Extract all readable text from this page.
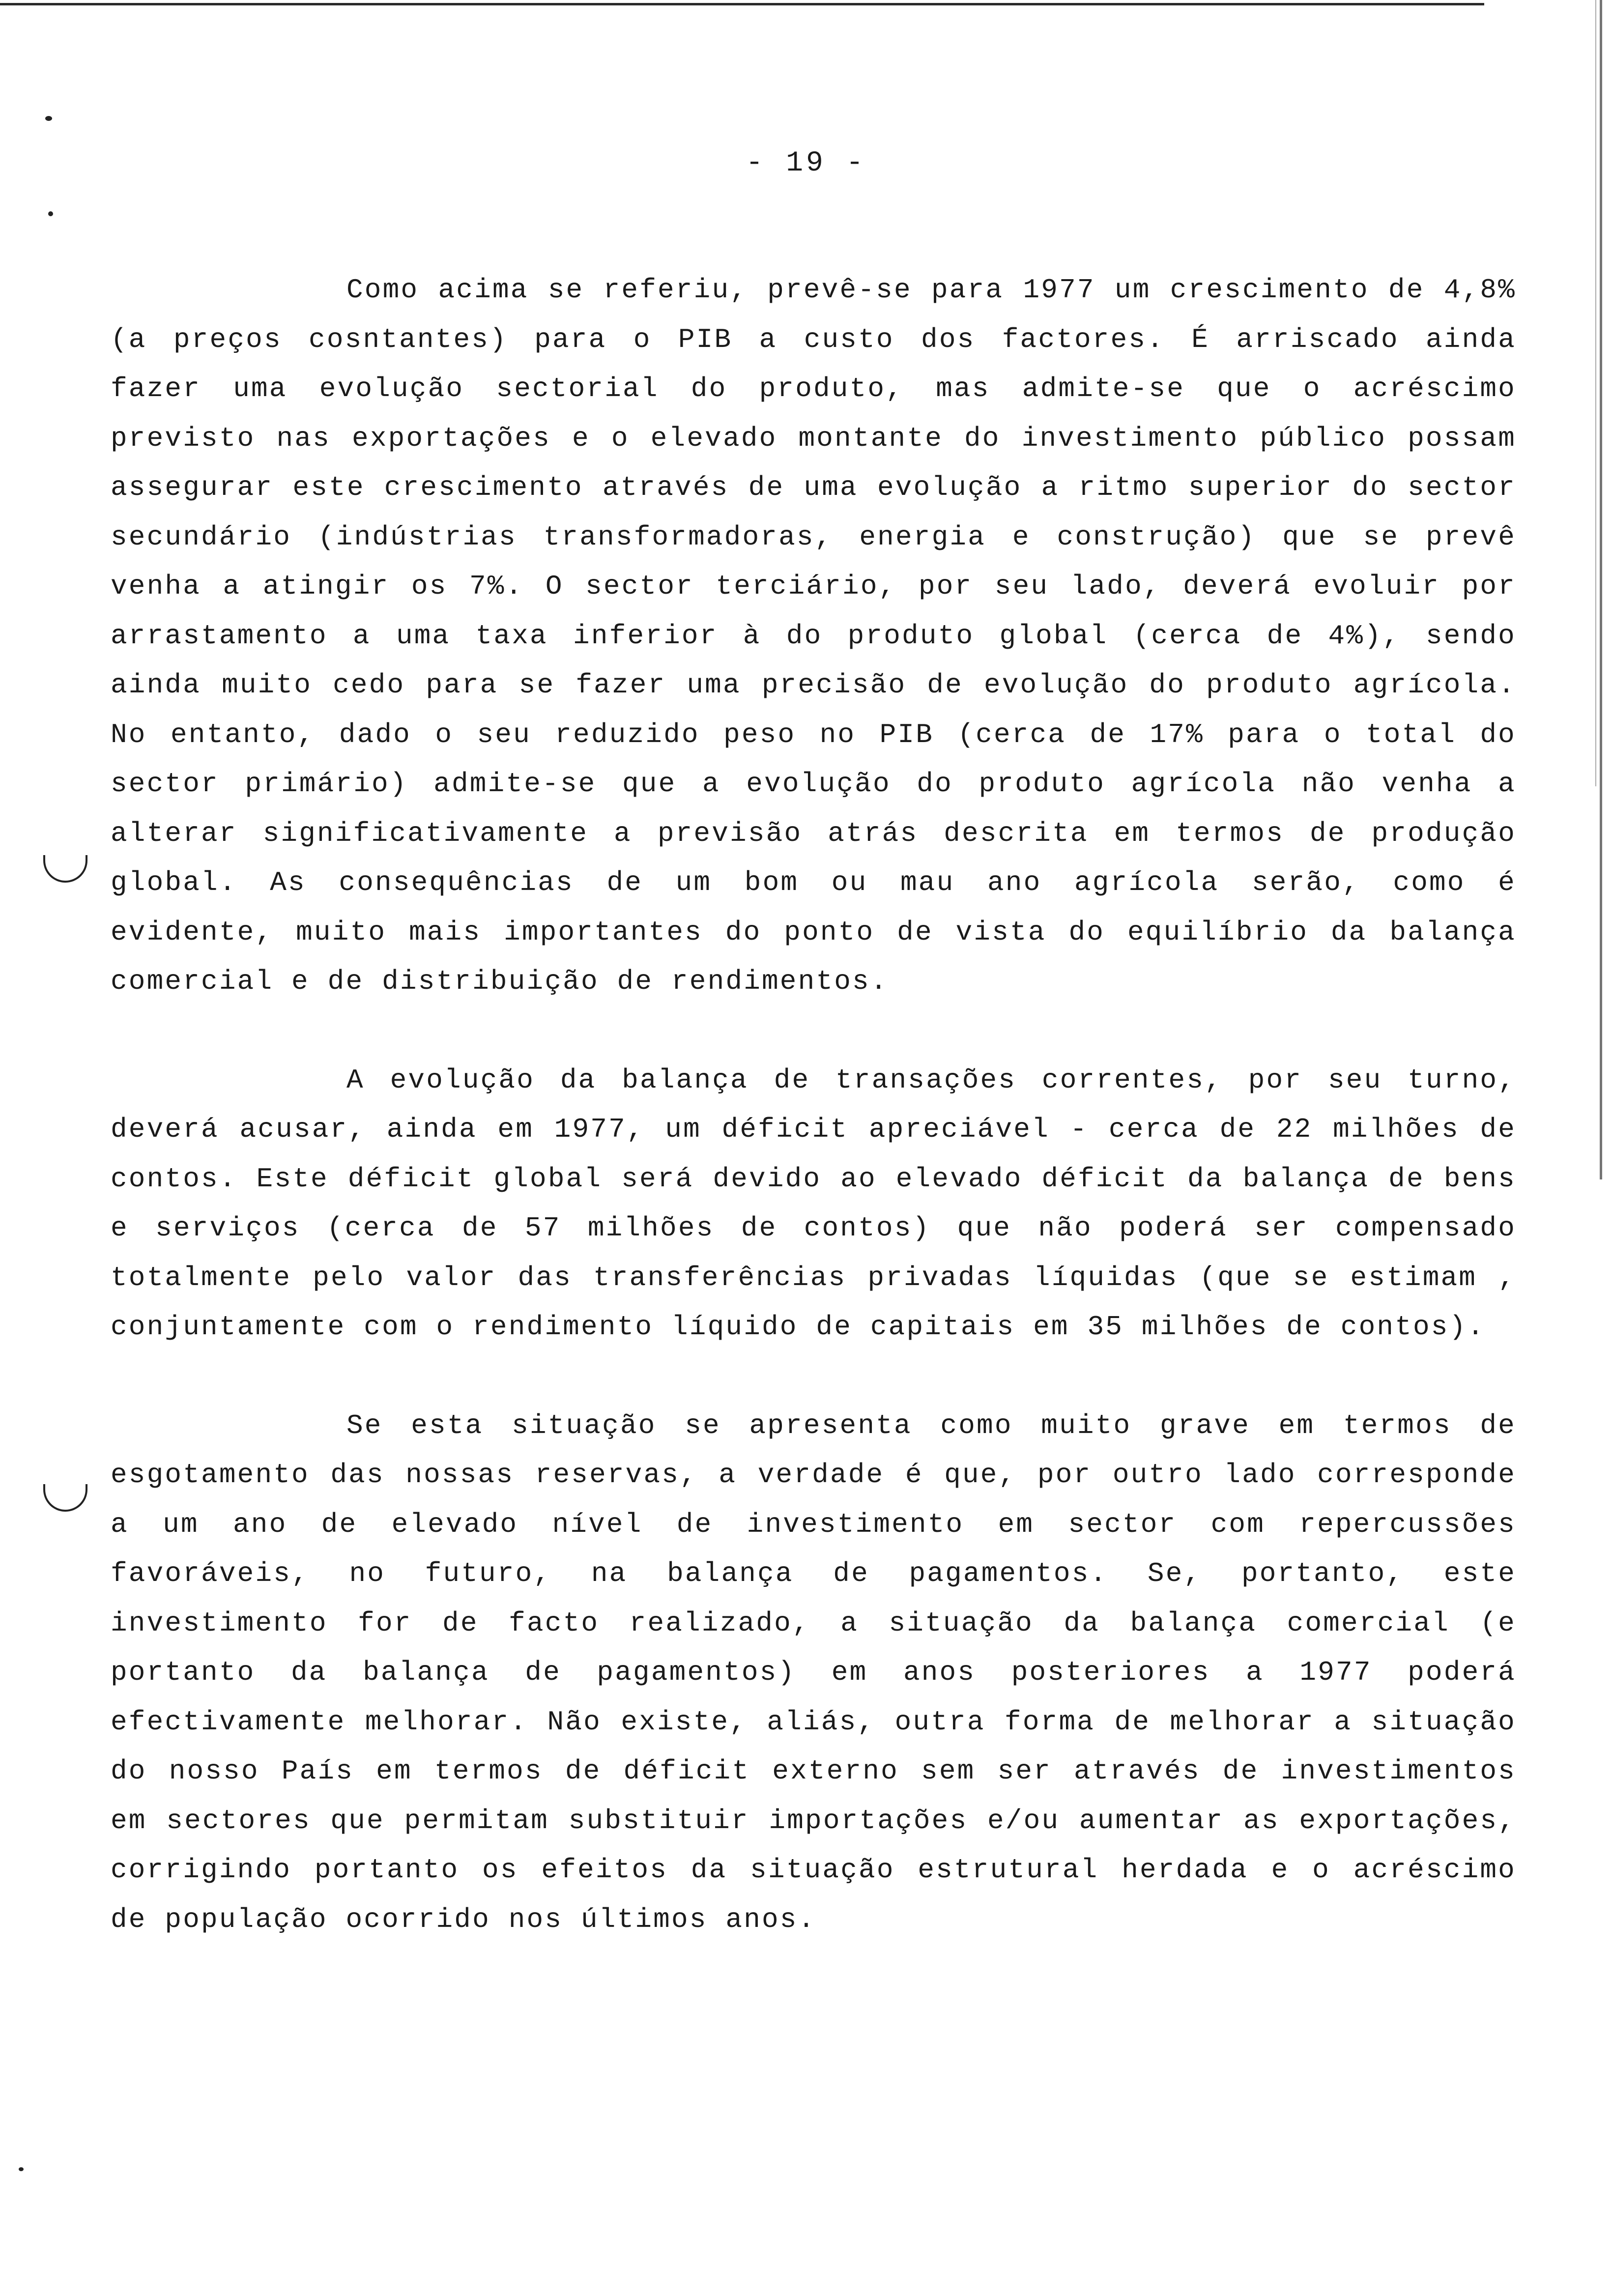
- 19 -

Como acima se referiu, prevê-se para 1977 um crescimento de 4,8% (a preços cosntantes) para o PIB a custo dos factores. É arriscado ainda fazer uma evolução sectorial do produto, mas admite-se que o acréscimo previsto nas exportações e o elevado montante do investimento público possam assegurar este crescimento através de uma evolução a ritmo superior do sector secundário (indústrias transformadoras, energia e construção) que se prevê venha a atingir os 7%. O sector terciário, por seu lado, deverá evoluir por arrastamento a uma taxa inferior à do produto global (cerca de 4%), sendo ainda muito cedo para se fazer uma precisão de evolução do produto agrícola. No entanto, dado o seu reduzido peso no PIB (cerca de 17% para o total do sector primário) admite-se que a evolução do produto agrícola não venha a alterar significativamente a previsão atrás descrita em termos de produção global. As consequências de um bom ou mau ano agrícola serão, como é evidente, muito mais importantes do ponto de vista do equilíbrio da balança comercial e de distribuição de rendimentos.

A evolução da balança de transações correntes, por seu turno, deverá acusar, ainda em 1977, um déficit apreciável - cerca de 22 milhões de contos. Este déficit global será devido ao elevado déficit da balança de bens e serviços (cerca de 57 milhões de contos) que não poderá ser compensado totalmente pelo valor das transferências privadas líquidas (que se estimam , conjuntamente com o rendimento líquido de capitais em 35 milhões de contos).

Se esta situação se apresenta como muito grave em termos de esgotamento das nossas reservas, a verdade é que, por outro lado corresponde a um ano de elevado nível de investimento em sector com repercussões favoráveis, no futuro, na balança de pagamentos. Se, portanto, este investimento for de facto realizado, a situação da balança comercial (e portanto da balança de pagamentos) em anos posteriores a 1977 poderá efectivamente melhorar. Não existe, aliás, outra forma de melhorar a situação do nosso País em termos de déficit externo sem ser através de investimentos em sectores que permitam substituir importações e/ou aumentar as exportações, corrigindo portanto os efeitos da situação estrutural herdada e o acréscimo de população ocorrido nos últimos anos.
